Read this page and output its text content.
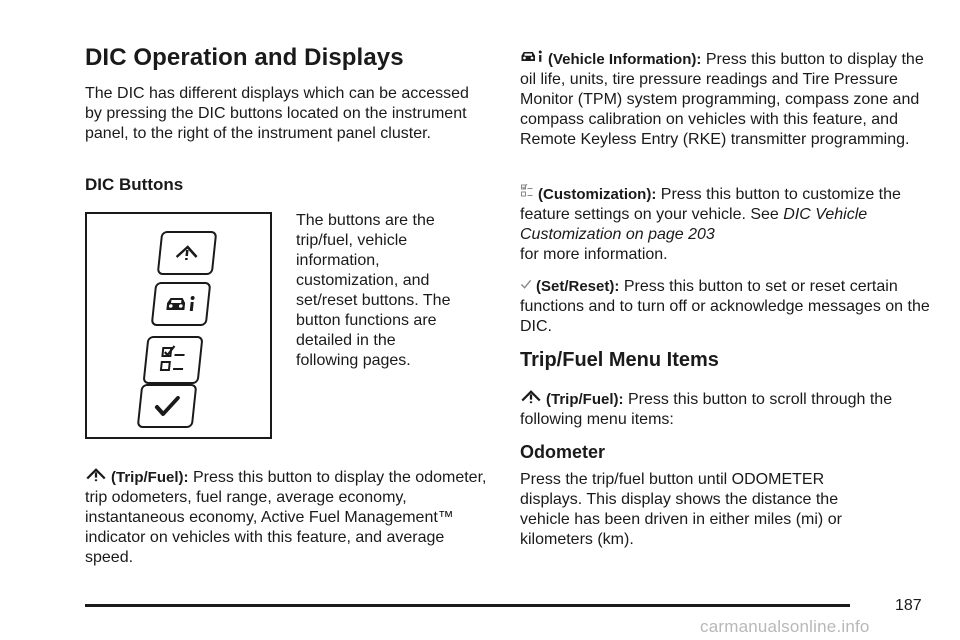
DIC Operation and Displays

The DIC has different displays which can be accessed by pressing the DIC buttons located on the instrument panel, to the right of the instrument panel cluster.

DIC Buttons

The buttons are the trip/fuel, vehicle information, customization, and set/reset buttons. The button functions are detailed in the following pages.

(Trip/Fuel): Press this button to display the odometer, trip odometers, fuel range, average economy, instantaneous economy, Active Fuel Management™ indicator on vehicles with this feature, and average speed.

(Vehicle Information): Press this button to display the oil life, units, tire pressure readings and Tire Pressure Monitor (TPM) system programming, compass zone and compass calibration on vehicles with this feature, and Remote Keyless Entry (RKE) transmitter programming.

(Customization): Press this button to customize the feature settings on your vehicle. See DIC Vehicle Customization on page 203
for more information.

(Set/Reset): Press this button to set or reset certain functions and to turn off or acknowledge messages on the DIC.

Trip/Fuel Menu Items

(Trip/Fuel): Press this button to scroll through the following menu items:

Odometer

Press the trip/fuel button until ODOMETER displays. This display shows the distance the vehicle has been driven in either miles (mi) or kilometers (km).

187
carmanualsonline.info
